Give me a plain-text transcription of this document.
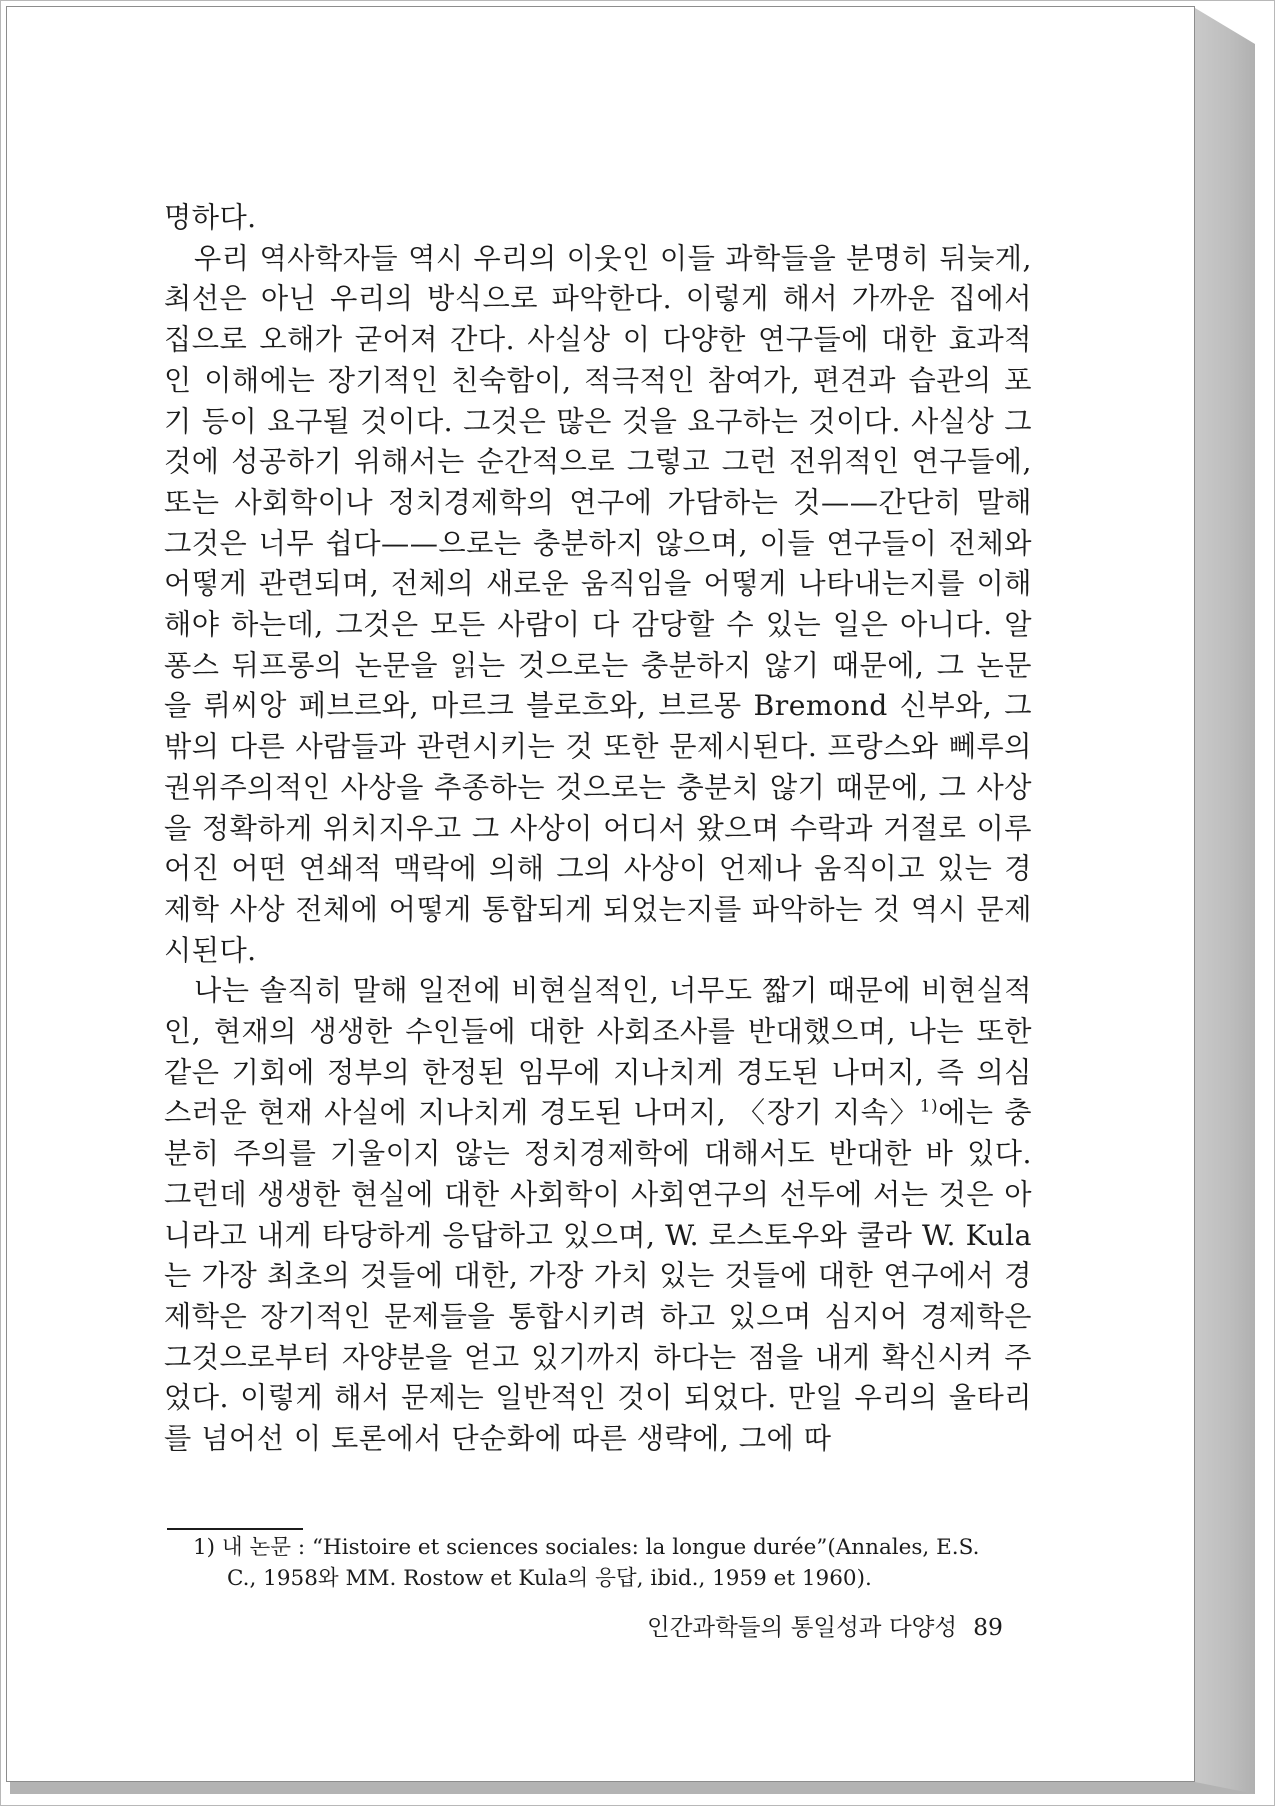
명하다.

우리 역사학자들 역시 우리의 이웃인 이들 과학들을 분명히 뒤늦게, 최선은 아닌 우리의 방식으로 파악한다. 이렇게 해서 가까운 집에서 집으로 오해가 굳어져 간다. 사실상 이 다양한 연구들에 대한 효과적인 이해에는 장기적인 친숙함이, 적극적인 참여가, 편견과 습관의 포기 등이 요구될 것이다. 그것은 많은 것을 요구하는 것이다. 사실상 그것에 성공하기 위해서는 순간적으로 그렇고 그런 전위적인 연구들에, 또는 사회학이나 정치경제학의 연구에 가담하는 것——간단히 말해 그것은 너무 쉽다——으로는 충분하지 않으며, 이들 연구들이 전체와 어떻게 관련되며, 전체의 새로운 움직임을 어떻게 나타내는지를 이해해야 하는데, 그것은 모든 사람이 다 감당할 수 있는 일은 아니다. 알퐁스 뒤프롱의 논문을 읽는 것으로는 충분하지 않기 때문에, 그 논문을 뤼씨앙 페브르와, 마르크 블로흐와, 브르몽 Bremond 신부와, 그 밖의 다른 사람들과 관련시키는 것 또한 문제시된다. 프랑스와 뻬루의 권위주의적인 사상을 추종하는 것으로는 충분치 않기 때문에, 그 사상을 정확하게 위치지우고 그 사상이 어디서 왔으며 수락과 거절로 이루어진 어떤 연쇄적 맥락에 의해 그의 사상이 언제나 움직이고 있는 경제학 사상 전체에 어떻게 통합되게 되었는지를 파악하는 것 역시 문제시된다.

나는 솔직히 말해 일전에 비현실적인, 너무도 짧기 때문에 비현실적인, 현재의 생생한 수인들에 대한 사회조사를 반대했으며, 나는 또한 같은 기회에 정부의 한정된 임무에 지나치게 경도된 나머지, 즉 의심스러운 현재 사실에 지나치게 경도된 나머지, 〈장기 지속〉$^{1)}$에는 충분히 주의를 기울이지 않는 정치경제학에 대해서도 반대한 바 있다. 그런데 생생한 현실에 대한 사회학이 사회연구의 선두에 서는 것은 아니라고 내게 타당하게 응답하고 있으며, W. 로스토우와 쿨라 W. Kula 는 가장 최초의 것들에 대한, 가장 가치 있는 것들에 대한 연구에서 경제학은 장기적인 문제들을 통합시키려 하고 있으며 심지어 경제학은 그것으로부터 자양분을 얻고 있기까지 하다는 점을 내게 확신시켜 주었다. 이렇게 해서 문제는 일반적인 것이 되었다. 만일 우리의 울타리를 넘어선 이 토론에서 단순화에 따른 생략에, 그에 따

1) 내 논문 : “Histoire et sciences sociales: la longue durée”(Annales, E.S.
C., 1958와 MM. Rostow et Kula의 응답, ibid., 1959 et 1960).
인간과학들의 통일성과 다양성 89
